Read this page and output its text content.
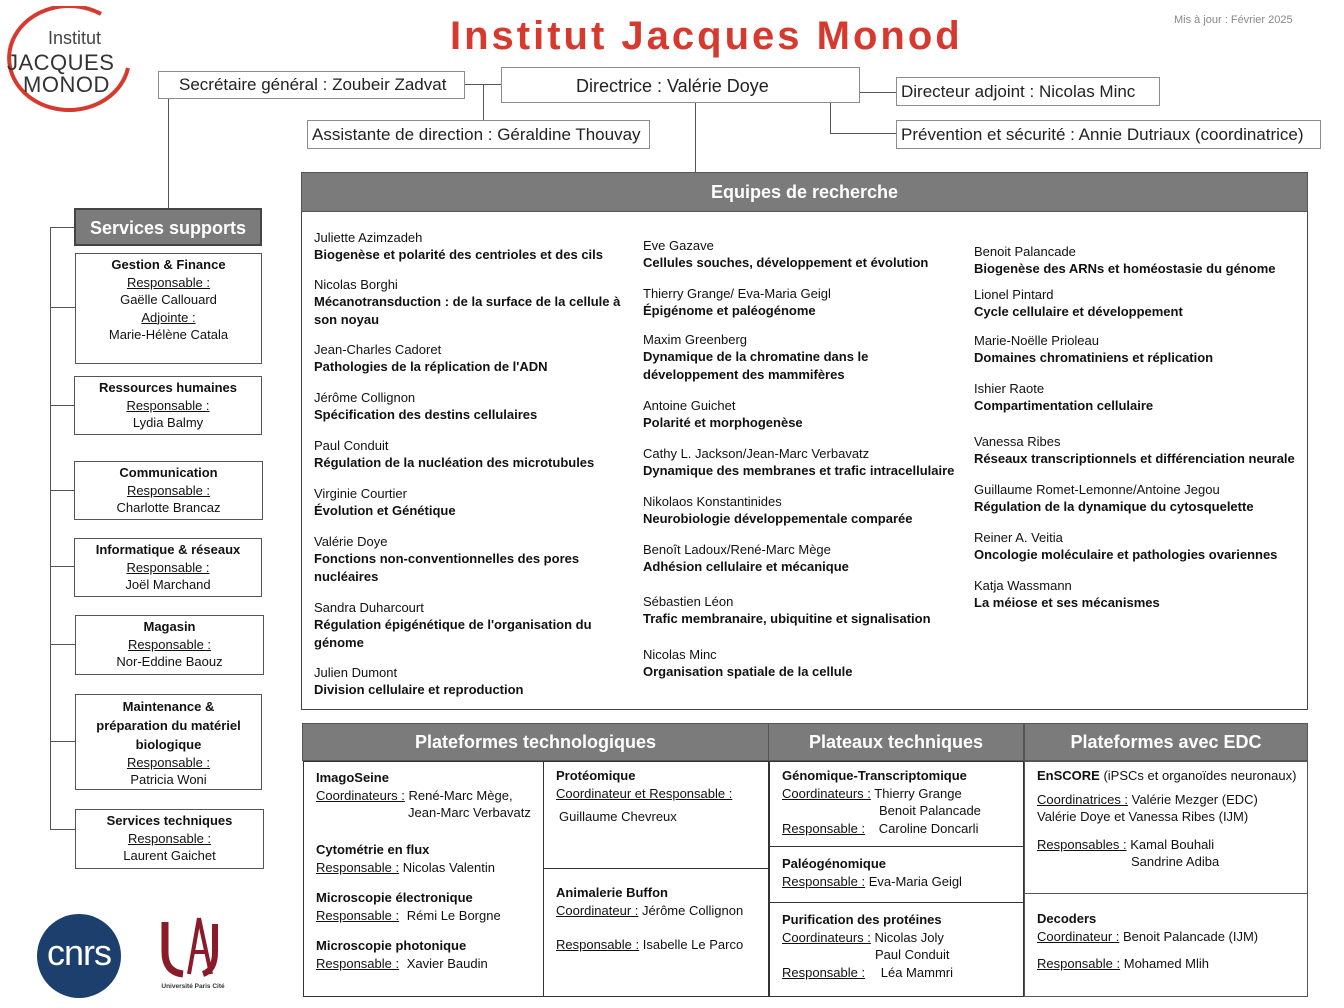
Institut
JACQUES
MONOD
Institut Jacques Monod	Mis à jour : Février 2025
Secrétaire général : Zoubeir Zadvat	Directrice : Valérie Doye	Directeur adjoint : Nicolas Minc
Assistante de direction : Géraldine Thouvay	Prévention et sécurité : Annie Dutriaux (coordinatrice)
Services supports
Gestion & Finance
Responsable :
Gaëlle Callouard
Adjointe :
Marie-Hélène Catala
Ressources humaines
Responsable :
Lydia Balmy
Communication
Responsable :
Charlotte Brancaz
Informatique & réseaux
Responsable :
Joël Marchand
Magasin
Responsable :
Nor-Eddine Baouz
Maintenance &
préparation du matériel
biologique
Responsable :
Patricia Woni
Services techniques
Responsable :
Laurent Gaichet
Equipes de recherche
Juliette Azimzadeh
Biogenèse et polarité des centrioles et des cils
Nicolas Borghi
Mécanotransduction : de la surface de la cellule à son noyau
Jean-Charles Cadoret
Pathologies de la réplication de l'ADN
Jérôme Collignon
Spécification des destins cellulaires
Paul Conduit
Régulation de la nucléation des microtubules
Virginie Courtier
Évolution et Génétique
Valérie Doye
Fonctions non-conventionnelles des pores nucléaires
Sandra Duharcourt
Régulation épigénétique de l'organisation du génome
Julien Dumont
Division cellulaire et reproduction
Eve Gazave
Cellules souches, développement et évolution
Thierry Grange/ Eva-Maria Geigl
Épigénome et paléogénome
Maxim Greenberg
Dynamique de la chromatine dans le développement des mammifères
Antoine Guichet
Polarité et morphogenèse
Cathy L. Jackson/Jean-Marc Verbavatz
Dynamique des membranes et trafic intracellulaire
Nikolaos Konstantinides
Neurobiologie développementale comparée
Benoît Ladoux/René-Marc Mège
Adhésion cellulaire et mécanique
Sébastien Léon
Trafic membranaire, ubiquitine et signalisation
Nicolas Minc
Organisation spatiale de la cellule
Benoit Palancade
Biogenèse des ARNs et homéostasie du génome
Lionel Pintard
Cycle cellulaire et développement
Marie-Noëlle Prioleau
Domaines chromatiniens et réplication
Ishier Raote
Compartimentation cellulaire
Vanessa Ribes
Réseaux transcriptionnels et différenciation neurale
Guillaume Romet-Lemonne/Antoine Jegou
Régulation de la dynamique du cytosquelette
Reiner A. Veitia
Oncologie moléculaire et pathologies ovariennes
Katja Wassmann
La méiose et ses mécanismes
Plateformes technologiques	Plateaux techniques	Plateformes avec EDC
ImagoSeine
Coordinateurs : René-Marc Mège,
Jean-Marc Verbavatz
Cytométrie en flux
Responsable : Nicolas Valentin
Microscopie électronique
Responsable : Rémi Le Borgne
Microscopie photonique
Responsable : Xavier Baudin
Protéomique
Coordinateur et Responsable :
Guillaume Chevreux
Animalerie Buffon
Coordinateur : Jérôme Collignon
Responsable : Isabelle Le Parco
Génomique-Transcriptomique
Coordinateurs : Thierry Grange
Benoit Palancade
Responsable : Caroline Doncarli
Paléogénomique
Responsable : Eva-Maria Geigl
Purification des protéines
Coordinateurs : Nicolas Joly
Paul Conduit
Responsable : Léa Mammri
EnSCORE (iPSCs et organoïdes neuronaux)
Coordinatrices : Valérie Mezger (EDC)
Valérie Doye et Vanessa Ribes (IJM)
Responsables : Kamal Bouhali
Sandrine Adiba
Decoders
Coordinateur : Benoit Palancade (IJM)
Responsable : Mohamed Mlih
cnrs
Université Paris Cité
